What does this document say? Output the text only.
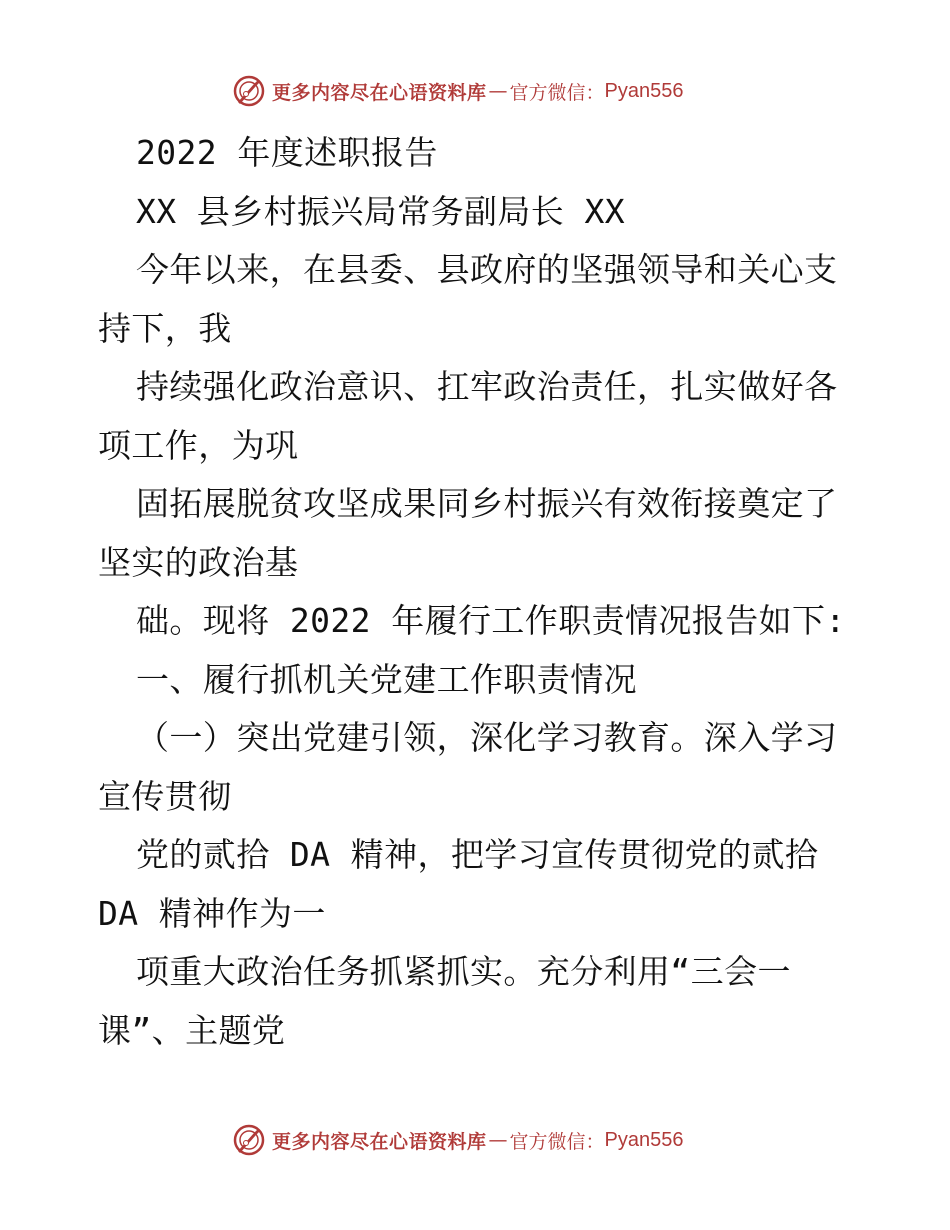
更多内容尽在心语资料库 — 官方微信： Pyan556
2022 年度述职报告
XX 县乡村振兴局常务副局长 XX
今年以来，在县委、县政府的坚强领导和关心支
持下，我
持续强化政治意识、扛牢政治责任，扎实做好各
项工作，为巩
固拓展脱贫攻坚成果同乡村振兴有效衔接奠定了
坚实的政治基
础。现将 2022 年履行工作职责情况报告如下:
一、履行抓机关党建工作职责情况
（一）突出党建引领，深化学习教育。深入学习
宣传贯彻
党的贰拾 DA 精神，把学习宣传贯彻党的贰拾
DA 精神作为一
项重大政治任务抓紧抓实。充分利用“三会一
课”、主题党
更多内容尽在心语资料库 — 官方微信： Pyan556
